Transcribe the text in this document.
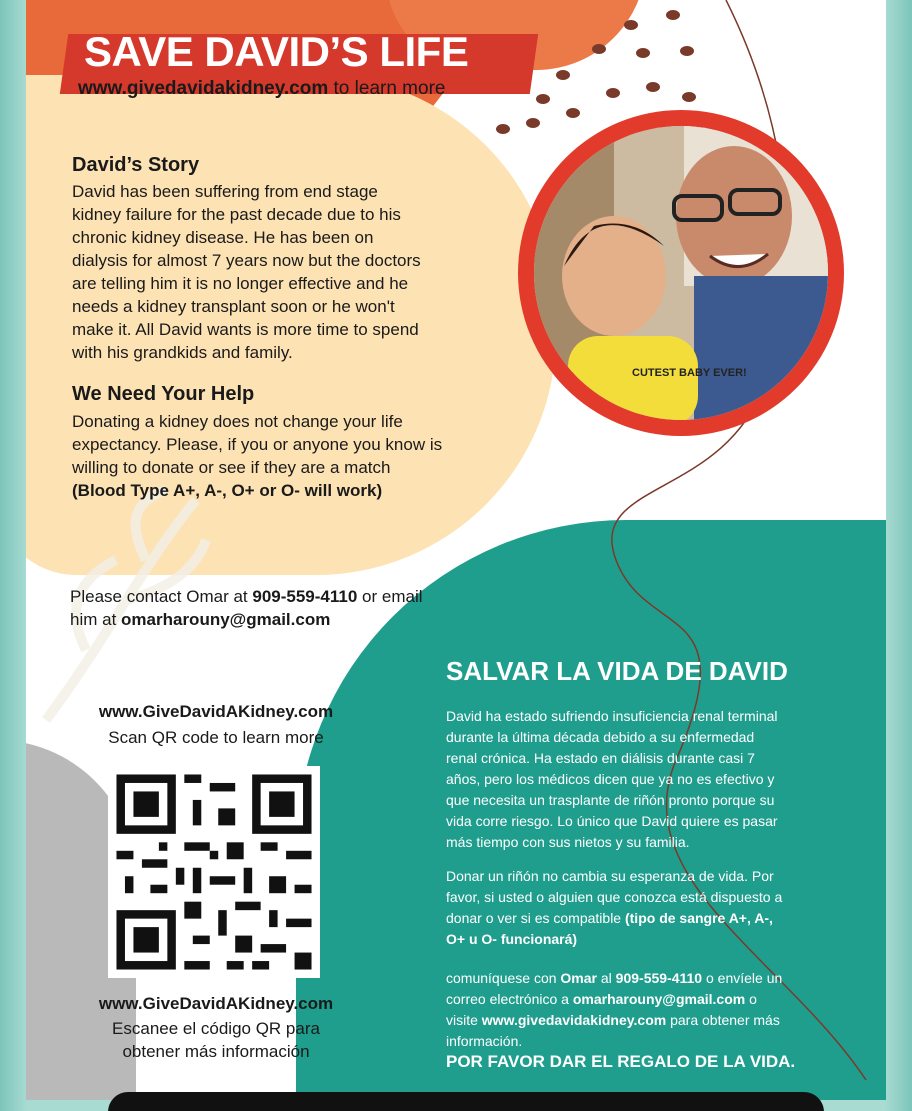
SAVE DAVID’S LIFE
www.givedavidakidney.com to learn more
CUTEST BABY EVER!
David’s Story
David has been suffering from end stage
kidney failure for the past decade due to his
chronic kidney disease. He has been on
dialysis for almost 7 years now but the doctors
are telling him it is no longer effective and he
needs a kidney transplant soon or he won't
make it. All David wants is more time to spend
with his grandkids and family.
We Need Your Help
Donating a kidney does not change your life
expectancy. Please, if you or anyone you know is
willing to donate or see if they are a match
(Blood Type A+, A-, O+ or O- will work)
Please contact Omar at 909-559-4110 or email
him at omarharouny@gmail.com
www.GiveDavidAKidney.com
Scan QR code to learn more
www.GiveDavidAKidney.com
Escanee el código QR para
obtener más información
SALVAR LA VIDA DE DAVID
David ha estado sufriendo insuficiencia renal terminal
durante la última década debido a su enfermedad
renal crónica. Ha estado en diálisis durante casi 7
años, pero los médicos dicen que ya no es efectivo y
que necesita un trasplante de riñón pronto porque su
vida corre riesgo. Lo único que David quiere es pasar
más tiempo con sus nietos y su familia.
Donar un riñón no cambia su esperanza de vida. Por
favor, si usted o alguien que conozca está dispuesto a
donar o ver si es compatible (tipo de sangre A+, A-,
O+ u O- funcionará)
comuníquese con Omar al 909-559-4110 o envíele un
correo electrónico a omarharouny@gmail.com o
visite www.givedavidakidney.com para obtener más
información.
POR FAVOR DAR EL REGALO DE LA VIDA.
